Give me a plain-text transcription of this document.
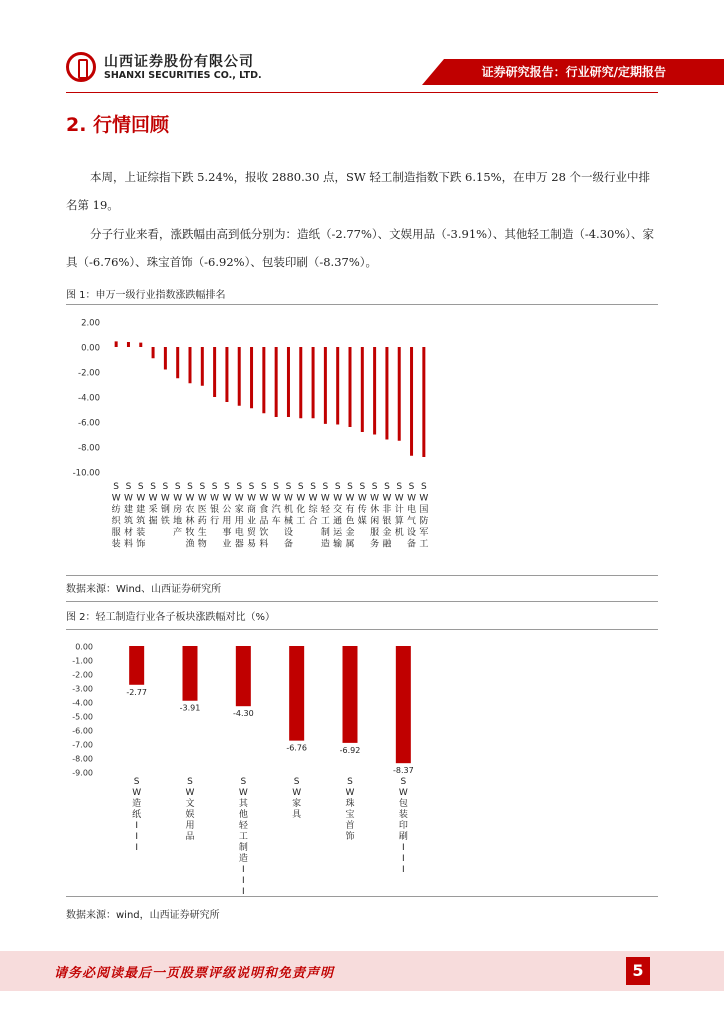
山西证券股份有限公司
SHANXI SECURITIES CO., LTD.	证券研究报告：行业研究/定期报告
2. 行情回顾
本周，上证综指下跌 5.24%，报收 2880.30 点，SW 轻工制造指数下跌 6.15%，在申万 28 个一级行业中排名第 19。
分子行业来看，涨跌幅由高到低分别为：造纸（-2.77%）、文娱用品（-3.91%）、其他轻工制造（-4.30%）、家具（-6.76%）、珠宝首饰（-6.92%）、包装印刷（-8.37%）。
图 1：申万一级行业指数涨跌幅排名
2.00
0.00
-2.00
-4.00
-6.00
-8.00
-10.00
S W 纺织服装
S W 建筑材料
S W 建筑装饰
S W 采掘
S W 钢铁
S W 房地产
S W 农林牧渔
S W 医药生物
S W 银行
S W 公用事业
S W 家用电器
S W 商业贸易
S W 食品饮料
S W 汽车
S W 机械设备
S W 化工
S W 综合
S W 轻工制造
S W 交通运输
S W 有色金属
S W 传媒
S W 休闲服务
S W 非银金融
S W 计算机
S W 电气设备
S W 国防军工
数据来源：Wind、山西证券研究所
图 2：轻工制造行业各子板块涨跌幅对比（%）
0.00
-1.00
-2.00
-3.00
-4.00
-5.00
-6.00
-7.00
-8.00
-9.00
-2.77
S W 造纸 I I I
-3.91
S W 文娱用品
-4.30
S W 其他轻工制造 I I I
-6.76
S W 家具
-6.92
S W 珠宝首饰
-8.37
S W 包装印刷 I I I
数据来源：wind，山西证券研究所
请务必阅读最后一页股票评级说明和免责声明	5
